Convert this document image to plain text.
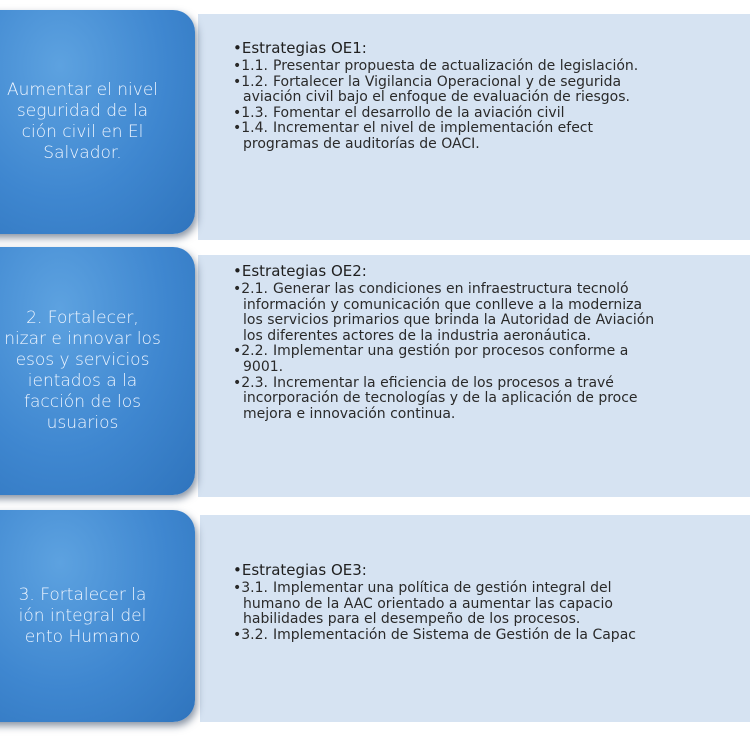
Aumentar el nivel
seguridad de la
ción civil en El
Salvador.
•Estrategias OE1:
•1.1. Presentar propuesta de actualización de legislación.
•1.2. Fortalecer la Vigilancia Operacional y de segurida
aviación civil bajo el enfoque de evaluación de riesgos.
•1.3. Fomentar el desarrollo de la aviación civil
•1.4. Incrementar el nivel de implementación efect
programas de auditorías de OACI.
2. Fortalecer,
nizar e innovar los
esos y servicios
ientados a la
facción de los
usuarios
•Estrategias OE2:
•2.1. Generar las condiciones en infraestructura tecnoló
información y comunicación que conlleve a la moderniza
los servicios primarios que brinda la Autoridad de Aviación
los diferentes actores de la industria aeronáutica.
•2.2. Implementar una gestión por procesos conforme a
9001.
•2.3. Incrementar la eficiencia de los procesos a travé
incorporación de tecnologías y de la aplicación de proce
mejora e innovación continua.
3. Fortalecer la
ión integral del
ento Humano
•Estrategias OE3:
•3.1. Implementar una política de gestión integral del
humano de la AAC orientado a aumentar las capacio
habilidades para el desempeño de los procesos.
•3.2. Implementación de Sistema de Gestión de la Capac
